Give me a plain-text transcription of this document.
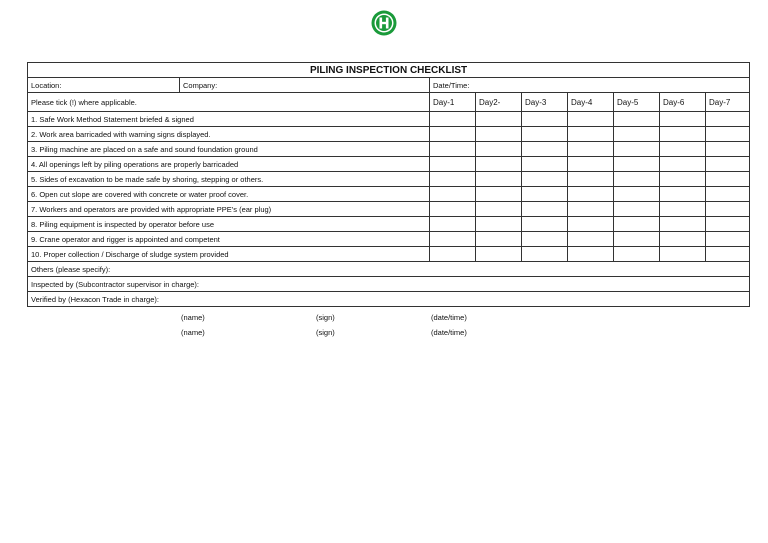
PILING INSPECTION CHECKLIST								
Location:	Company:	Date/Time:						
Please tick (!) where applicable.		Day-1	Day2-	Day-3	Day-4	Day-5	Day-6	Day-7
1. Safe Work Method Statement briefed & signed								
2. Work area barricaded with warning signs displayed.								
3. Piling machine are placed on a safe and sound foundation ground								
4. All openings left by piling operations are properly barricaded								
5. Sides of excavation to be made safe by shoring, stepping or others.								
6. Open cut slope are covered with concrete or water proof cover.								
7. Workers and operators are provided with appropriate PPE's (ear plug)								
8. Piling equipment is inspected by operator before use								
9. Crane operator and rigger is appointed and competent								
10. Proper collection / Discharge of sludge system provided								
Others (please specify):								
Inspected by (Subcontractor supervisor in charge):
(name) (sign) (date/time)								

Verified by (Hexacon Trade in charge):
(name) (sign) (date/time)								
